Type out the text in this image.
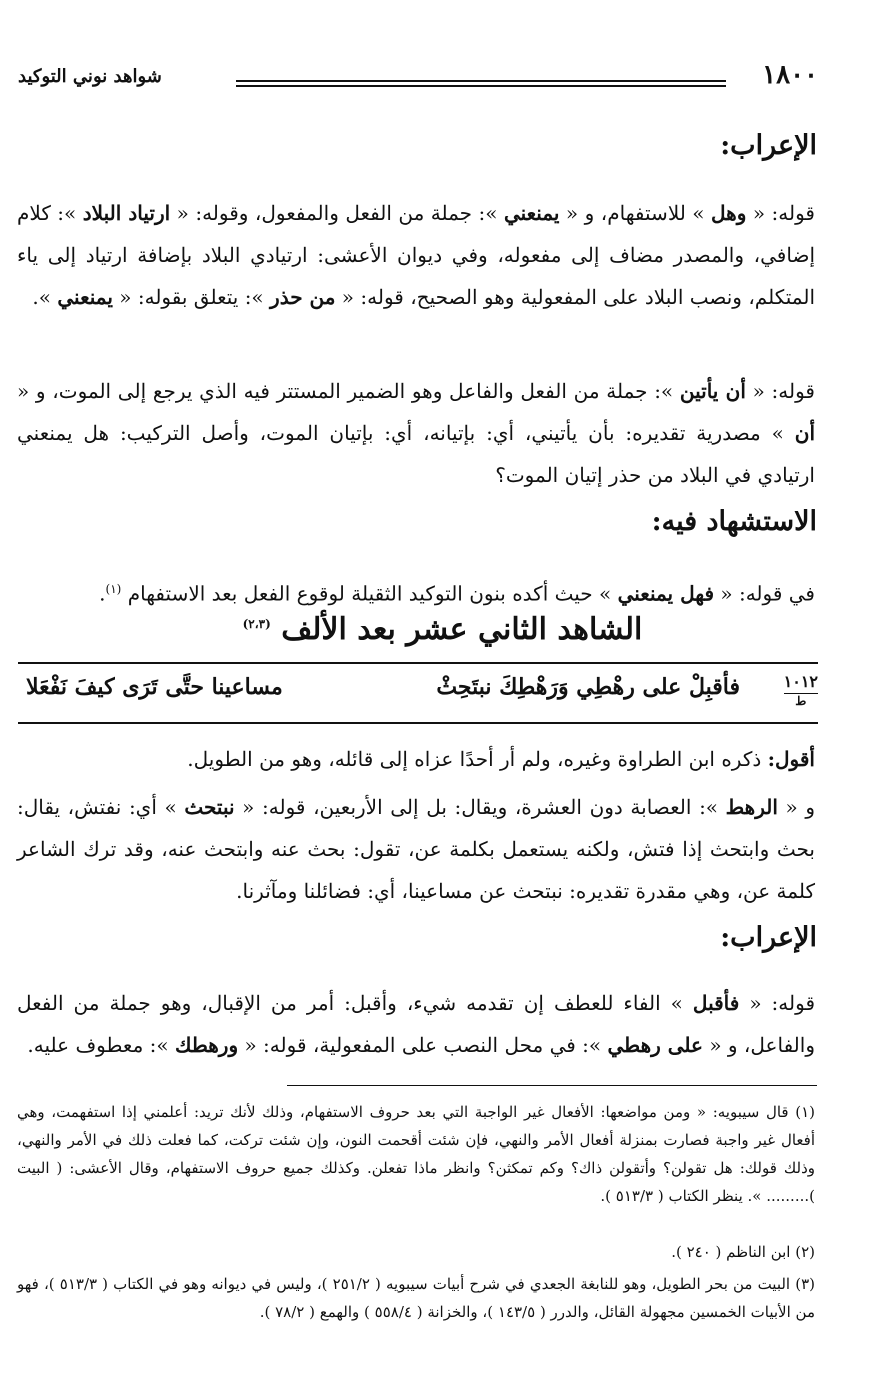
١٨٠٠
شواهد نوني التوكيد
الإعراب:
قوله: « وهل » للاستفهام، و « يمنعني »: جملة من الفعل والمفعول، وقوله: « ارتياد البلاد »: كلام إضافي، والمصدر مضاف إلى مفعوله، وفي ديوان الأعشى: ارتيادي البلاد بإضافة ارتياد إلى ياء المتكلم، ونصب البلاد على المفعولية وهو الصحيح، قوله: « من حذر »: يتعلق بقوله: « يمنعني ».
قوله: « أن يأتين »: جملة من الفعل والفاعل وهو الضمير المستتر فيه الذي يرجع إلى الموت، و « أن » مصدرية تقديره: بأن يأتيني، أي: بإتيانه، أي: بإتيان الموت، وأصل التركيب: هل يمنعني ارتيادي في البلاد من حذر إتيان الموت؟
الاستشهاد فيه:
في قوله: « فهل يمنعني » حيث أكده بنون التوكيد الثقيلة لوقوع الفعل بعد الاستفهام $^{(١)}$.
الشاهد الثاني عشر بعد الألف $^{(٢،٣)}$
١٠١٢
ط
فأقبِلْ على رهْطِي وَرَهْطِكَ نبتَحِثْ
مساعينا حتَّى تَرَى كيفَ نَفْعَلا
أقول: ذكره ابن الطراوة وغيره، ولم أر أحدًا عزاه إلى قائله، وهو من الطويل.
و « الرهط »: العصابة دون العشرة، ويقال: بل إلى الأربعين، قوله: « نبتحث » أي: نفتش، يقال: بحث وابتحث إذا فتش، ولكنه يستعمل بكلمة عن، تقول: بحث عنه وابتحث عنه، وقد ترك الشاعر كلمة عن، وهي مقدرة تقديره: نبتحث عن مساعينا، أي: فضائلنا ومآثرنا.
الإعراب:
قوله: « فأقبل » الفاء للعطف إن تقدمه شيء، وأقبل: أمر من الإقبال، وهو جملة من الفعل والفاعل، و « على رهطي »: في محل النصب على المفعولية، قوله: « ورهطك »: معطوف عليه.
(١) قال سيبويه: « ومن مواضعها: الأفعال غير الواجبة التي بعد حروف الاستفهام، وذلك لأنك تريد: أعلمني إذا استفهمت، وهي أفعال غير واجبة فصارت بمنزلة أفعال الأمر والنهي، فإن شئت أقحمت النون، وإن شئت تركت، كما فعلت ذلك في الأمر والنهي، وذلك قولك: هل تقولن؟ وأتقولن ذاك؟ وكم تمكثن؟ وانظر ماذا تفعلن. وكذلك جميع حروف الاستفهام، وقال الأعشى: ( البيت )......... ». ينظر الكتاب ( ٥١٣/٣ ).
(٢) ابن الناظم ( ٢٤٠ ).
(٣) البيت من بحر الطويل، وهو للنابغة الجعدي في شرح أبيات سيبويه ( ٢٥١/٢ )، وليس في ديوانه وهو في الكتاب ( ٥١٣/٣ )، فهو من الأبيات الخمسين مجهولة القائل، والدرر ( ١٤٣/٥ )، والخزانة ( ٥٥٨/٤ ) والهمع ( ٧٨/٢ ).
